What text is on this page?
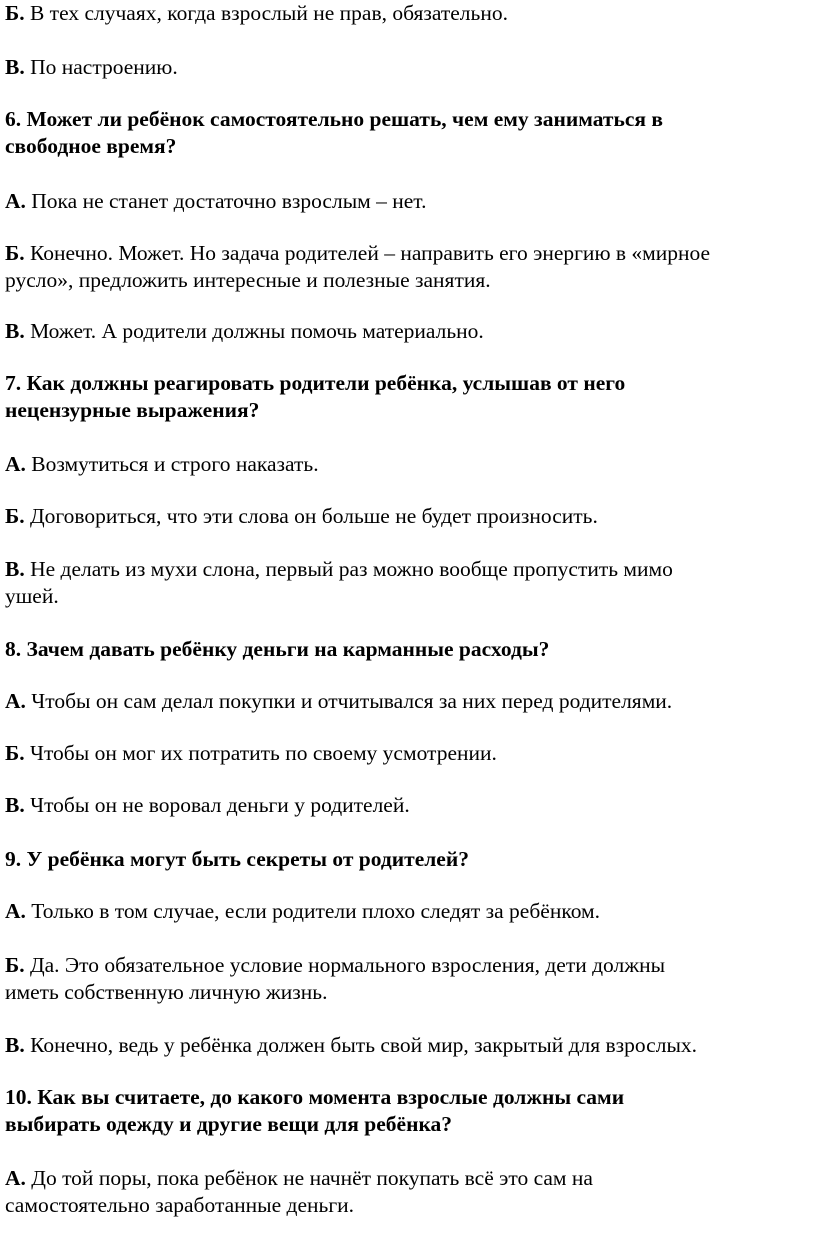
Б. В тех случаях, когда взрослый не прав, обязательно.

В. По настроению.

6. Может ли ребёнок самостоятельно решать, чем ему заниматься в

свободное время?

А. Пока не станет достаточно взрослым – нет.

Б. Конечно. Может. Но задача родителей – направить его энергию в «мирное

русло», предложить интересные и полезные занятия.

В. Может. А родители должны помочь материально.

7. Как должны реагировать родители ребёнка, услышав от него

нецензурные выражения?

А. Возмутиться и строго наказать.

Б. Договориться, что эти слова он больше не будет произносить.

В. Не делать из мухи слона, первый раз можно вообще пропустить мимо

ушей.

8. Зачем давать ребёнку деньги на карманные расходы?

А. Чтобы он сам делал покупки и отчитывался за них перед родителями.

Б. Чтобы он мог их потратить по своему усмотрении.

В. Чтобы он не воровал деньги у родителей.

9. У ребёнка могут быть секреты от родителей?

А. Только в том случае, если родители плохо следят за ребёнком.

Б. Да. Это обязательное условие нормального взросления, дети должны

иметь собственную личную жизнь.

В. Конечно, ведь у ребёнка должен быть свой мир, закрытый для взрослых.

10. Как вы считаете, до какого момента взрослые должны сами

выбирать одежду и другие вещи для ребёнка?

А. До той поры, пока ребёнок не начнёт покупать всё это сам на

самостоятельно заработанные деньги.
